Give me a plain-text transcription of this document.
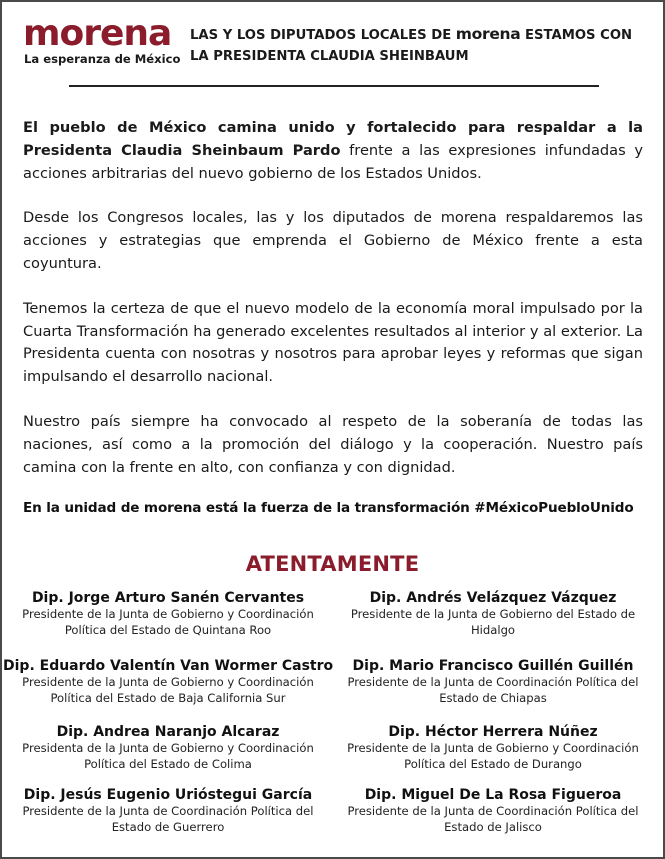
morena
La esperanza de México
LAS Y LOS DIPUTADOS LOCALES DE morena ESTAMOS CON LA PRESIDENTA CLAUDIA SHEINBAUM

El pueblo de México camina unido y fortalecido para respaldar a la Presidenta Claudia Sheinbaum Pardo frente a las expresiones infundadas y acciones arbitrarias del nuevo gobierno de los Estados Unidos.

Desde los Congresos locales, las y los diputados de morena respaldaremos las acciones y estrategias que emprenda el Gobierno de México frente a esta coyuntura.

Tenemos la certeza de que el nuevo modelo de la economía moral impulsado por la Cuarta Transformación ha generado excelentes resultados al interior y al exterior. La Presidenta cuenta con nosotras y nosotros para aprobar leyes y reformas que sigan impulsando el desarrollo nacional.

Nuestro país siempre ha convocado al respeto de la soberanía de todas las naciones, así como a la promoción del diálogo y la cooperación. Nuestro país camina con la frente en alto, con confianza y con dignidad.

En la unidad de morena está la fuerza de la transformación #MéxicoPuebloUnido
ATENTAMENTE
Dip. Jorge Arturo Sanén Cervantes
Presidente de la Junta de Gobierno y Coordinación Política del Estado de Quintana Roo
Dip. Andrés Velázquez Vázquez
Presidente de la Junta de Gobierno del Estado de Hidalgo
Dip. Eduardo Valentín Van Wormer Castro
Presidente de la Junta de Gobierno y Coordinación Política del Estado de Baja California Sur
Dip. Mario Francisco Guillén Guillén
Presidente de la Junta de Coordinación Política del Estado de Chiapas
Dip. Andrea Naranjo Alcaraz
Presidenta de la Junta de Gobierno y Coordinación Política del Estado de Colima
Dip. Héctor Herrera Núñez
Presidente de la Junta de Gobierno y Coordinación Política del Estado de Durango
Dip. Jesús Eugenio Urióstegui García
Presidente de la Junta de Coordinación Política del Estado de Guerrero
Dip. Miguel De La Rosa Figueroa
Presidente de la Junta de Coordinación Política del Estado de Jalisco
